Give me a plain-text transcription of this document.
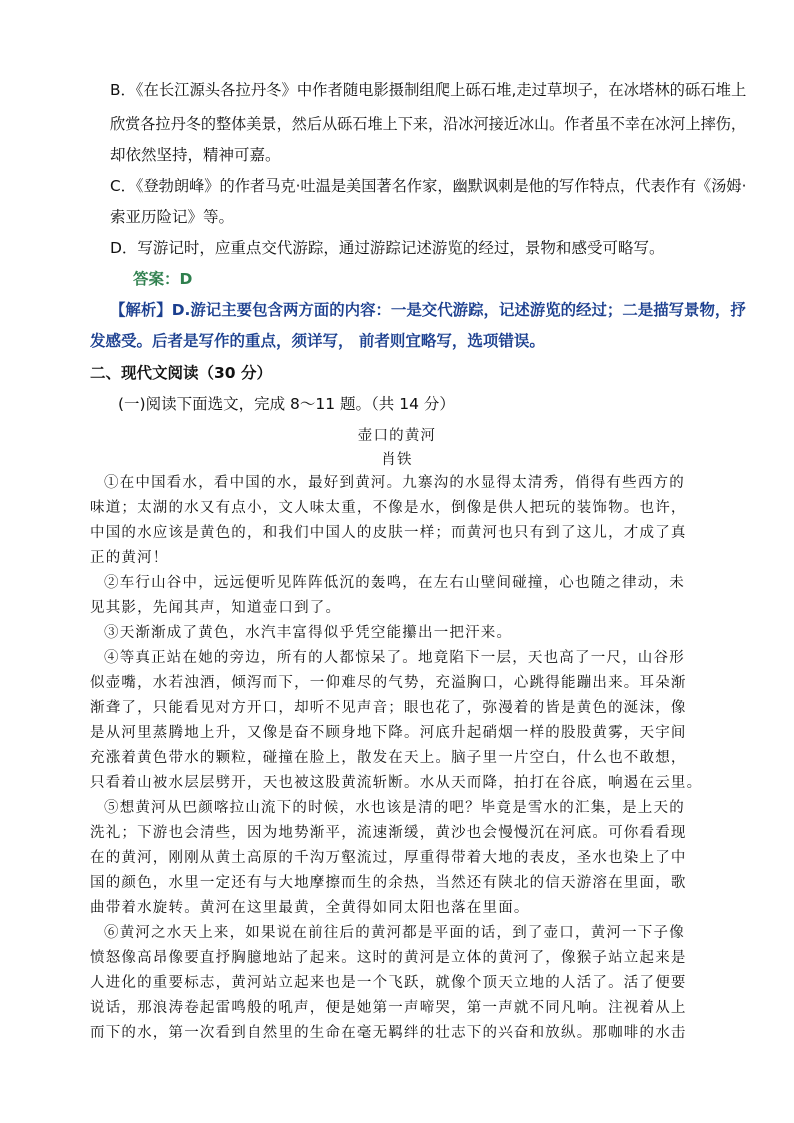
B．《在长江源头各拉丹冬》中作者随电影摄制组爬上砾石堆,走过草坝子，在冰塔林的砾石堆上
欣赏各拉丹冬的整体美景，然后从砾石堆上下来，沿冰河接近冰山。作者虽不幸在冰河上摔伤，
却依然坚持，精神可嘉。
C．《登勃朗峰》的作者马克·吐温是美国著名作家，幽默讽刺是他的写作特点，代表作有《汤姆·
索亚历险记》等。
D．写游记时，应重点交代游踪，通过游踪记述游览的经过，景物和感受可略写。
答案：D
【解析】D.游记主要包含两方面的内容：一是交代游踪，记述游览的经过；二是描写景物，抒
发感受。后者是写作的重点，须详写， 前者则宜略写，选项错误。
二、现代文阅读（30 分）
(一)阅读下面选文，完成 8～11 题。（共 14 分）
壶口的黄河
肖铁
①在中国看水，看中国的水，最好到黄河。九寨沟的水显得太清秀，俏得有些西方的
味道；太湖的水又有点小，文人味太重，不像是水，倒像是供人把玩的装饰物。也许，
中国的水应该是黄色的，和我们中国人的皮肤一样；而黄河也只有到了这儿，才成了真
正的黄河！
②车行山谷中，远远便听见阵阵低沉的轰鸣，在左右山壁间碰撞，心也随之律动，未
见其影，先闻其声，知道壶口到了。
③天渐渐成了黄色，水汽丰富得似乎凭空能攥出一把汗来。
④等真正站在她的旁边，所有的人都惊呆了。地竟陷下一层，天也高了一尺，山谷形
似壶嘴，水若浊酒，倾泻而下，一仰难尽的气势，充溢胸口，心跳得能蹦出来。耳朵渐
渐聋了，只能看见对方开口，却听不见声音；眼也花了，弥漫着的皆是黄色的涎沫，像
是从河里蒸腾地上升，又像是奋不顾身地下降。河底升起硝烟一样的股股黄雾，天宇间
充涨着黄色带水的颗粒，碰撞在脸上，散发在天上。脑子里一片空白，什么也不敢想，
只看着山被水层层劈开，天也被这股黄流斩断。水从天而降，拍打在谷底，响遏在云里。
⑤想黄河从巴颜喀拉山流下的时候，水也该是清的吧？毕竟是雪水的汇集，是上天的
洗礼；下游也会清些，因为地势渐平，流速渐缓，黄沙也会慢慢沉在河底。可你看看现
在的黄河，刚刚从黄土高原的千沟万壑流过，厚重得带着大地的表皮，圣水也染上了中
国的颜色，水里一定还有与大地摩擦而生的余热，当然还有陕北的信天游溶在里面，歌
曲带着水旋转。黄河在这里最黄，全黄得如同太阳也落在里面。
⑥黄河之水天上来，如果说在前往后的黄河都是平面的话，到了壶口，黄河一下子像
愤怒像高昂像要直抒胸臆地站了起来。这时的黄河是立体的黄河了，像猴子站立起来是
人进化的重要标志，黄河站立起来也是一个飞跃，就像个顶天立地的人活了。活了便要
说话，那浪涛卷起雷鸣般的吼声，便是她第一声啼哭，第一声就不同凡响。注视着从上
而下的水，第一次看到自然里的生命在毫无羁绊的壮志下的兴奋和放纵。那咖啡的水击
